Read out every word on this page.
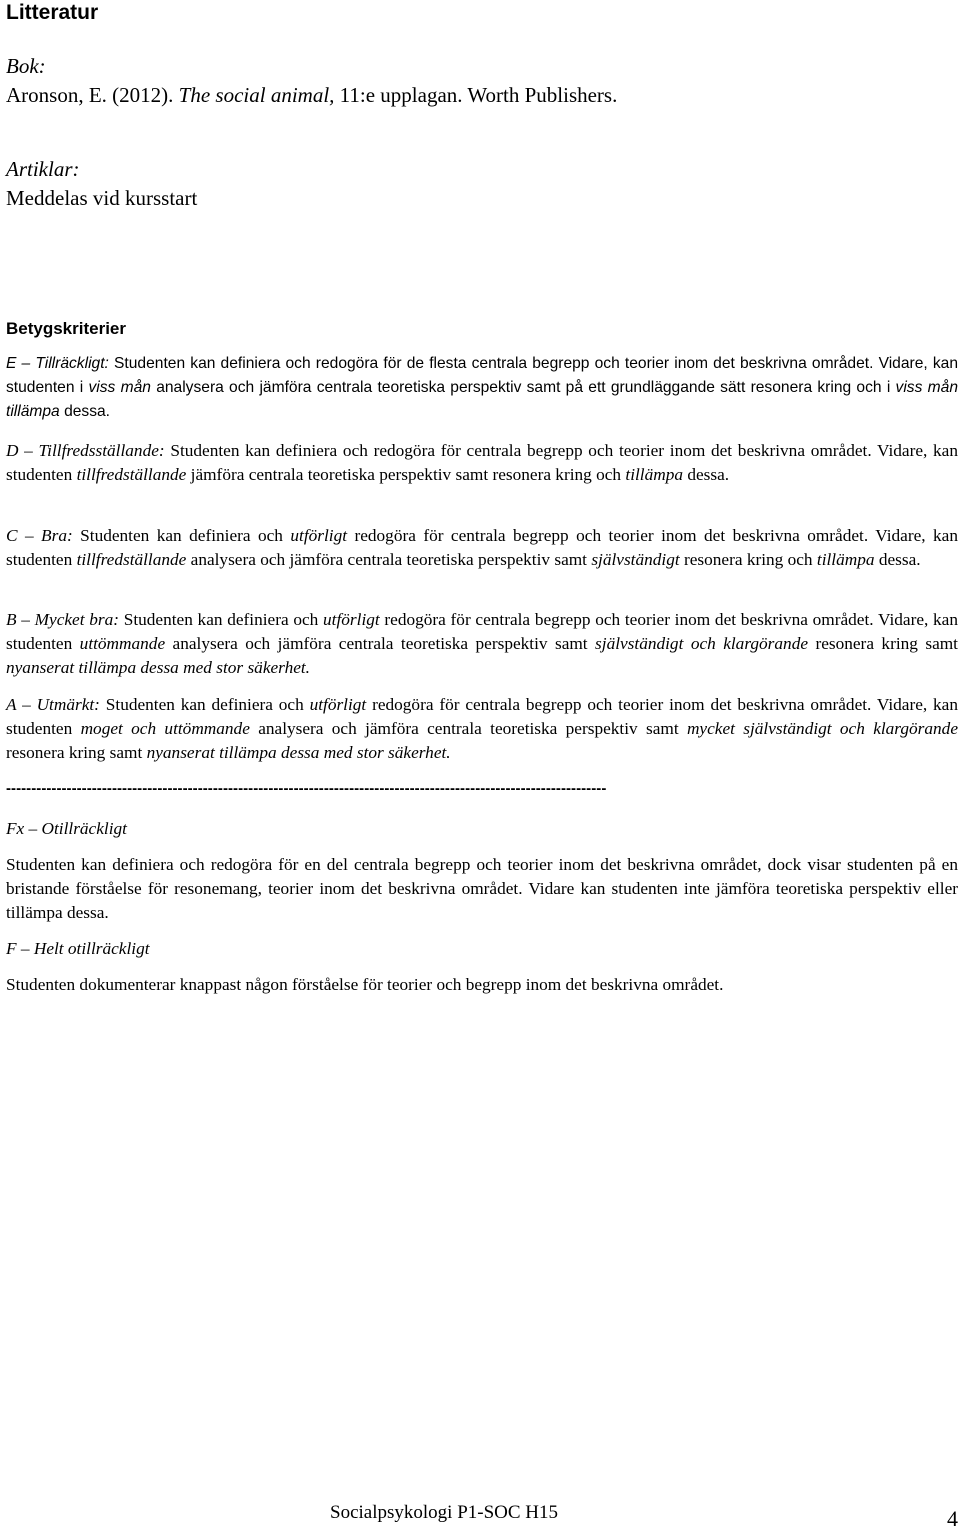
Litteratur
Bok:
Aronson, E. (2012). The social animal, 11:e upplagan. Worth Publishers.
Artiklar:
Meddelas vid kursstart
Betygskriterier

E – Tillräckligt: Studenten kan definiera och redogöra för de flesta centrala begrepp och teorier inom det beskrivna området. Vidare, kan studenten i viss mån analysera och jämföra centrala teoretiska perspektiv samt på ett grundläggande sätt resonera kring och i viss mån tillämpa dessa.

D – Tillfredsställande: Studenten kan definiera och redogöra för centrala begrepp och teorier inom det beskrivna området. Vidare, kan studenten tillfredställande jämföra centrala teoretiska perspektiv samt resonera kring och tillämpa dessa.

C – Bra: Studenten kan definiera och utförligt redogöra för centrala begrepp och teorier inom det beskrivna området. Vidare, kan studenten tillfredställande analysera och jämföra centrala teoretiska perspektiv samt självständigt resonera kring och tillämpa dessa.

B – Mycket bra: Studenten kan definiera och utförligt redogöra för centrala begrepp och teorier inom det beskrivna området. Vidare, kan studenten uttömmande analysera och jämföra centrala teoretiska perspektiv samt självständigt och klargörande resonera kring samt nyanserat tillämpa dessa med stor säkerhet.

A – Utmärkt: Studenten kan definiera och utförligt redogöra för centrala begrepp och teorier inom det beskrivna området. Vidare, kan studenten moget och uttömmande analysera och jämföra centrala teoretiska perspektiv samt mycket självständigt och klargörande resonera kring samt nyanserat tillämpa dessa med stor säkerhet.

-----------------------------------------------------------------------------------------------------------------------

Fx – Otillräckligt

Studenten kan definiera och redogöra för en del centrala begrepp och teorier inom det beskrivna området, dock visar studenten på en bristande förståelse för resonemang, teorier inom det beskrivna området. Vidare kan studenten inte jämföra teoretiska perspektiv eller tillämpa dessa.

F – Helt otillräckligt

Studenten dokumenterar knappast någon förståelse för teorier och begrepp inom det beskrivna området.

Socialpsykologi P1-SOC H15	4
